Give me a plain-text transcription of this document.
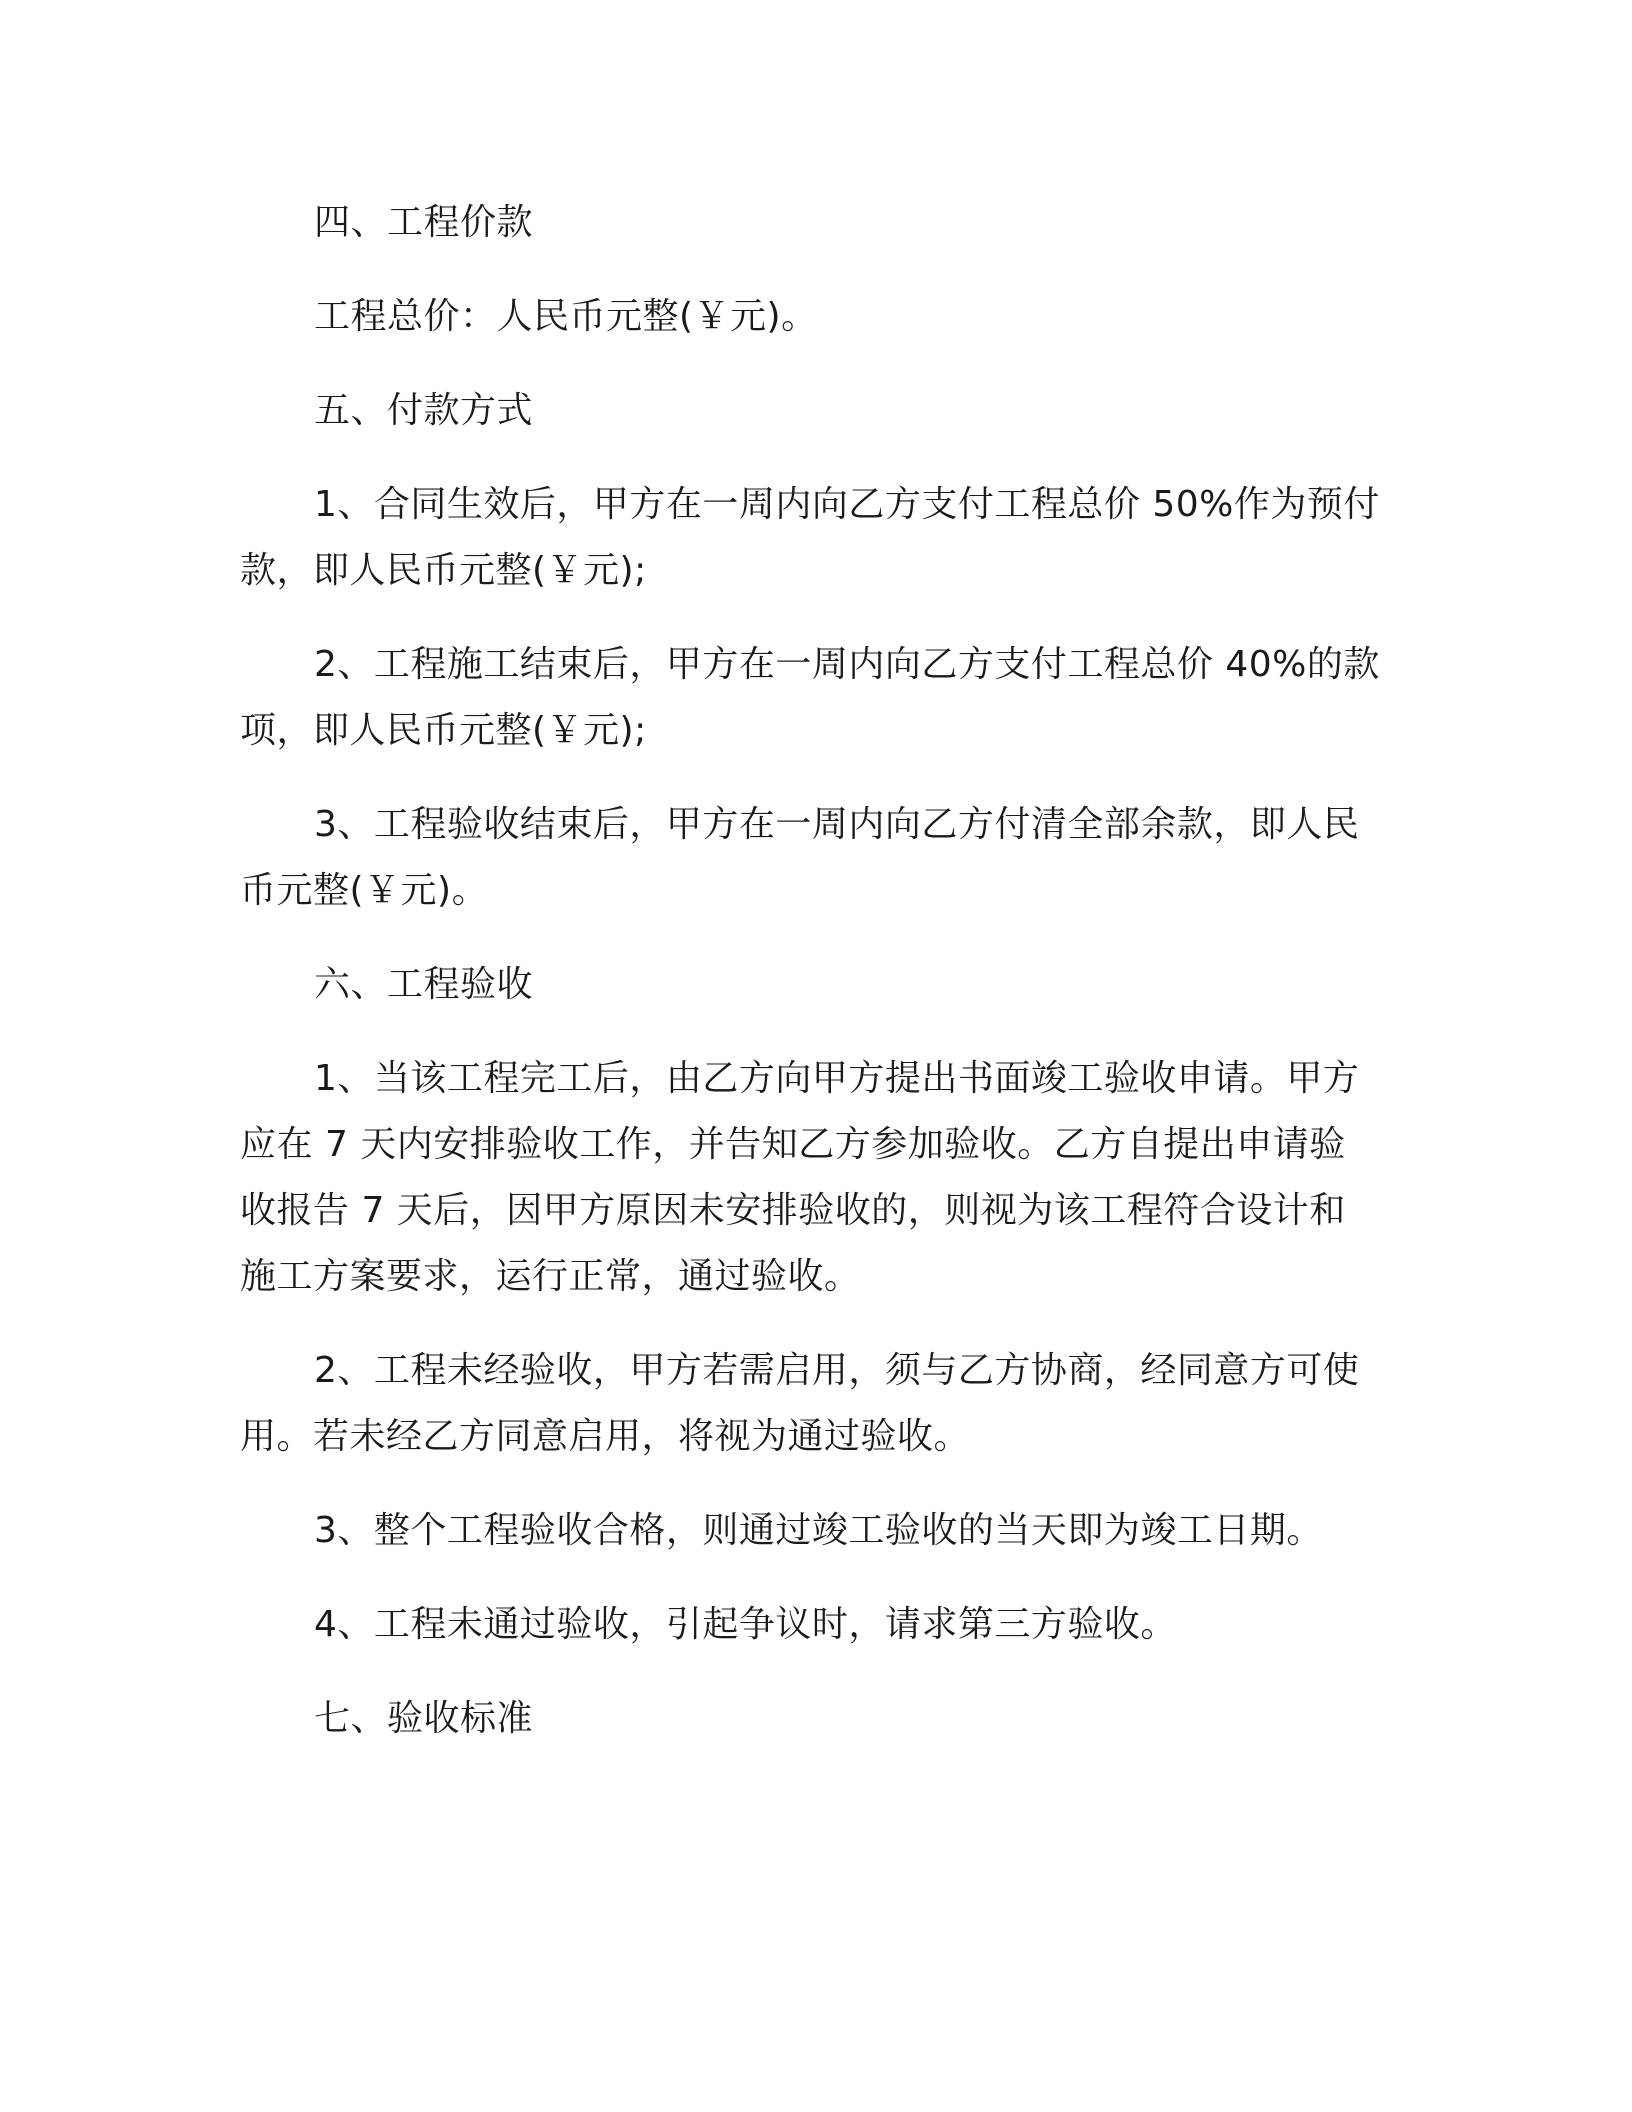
四、工程价款

工程总价：人民币元整(￥元)。

五、付款方式

1、合同生效后，甲方在一周内向乙方支付工程总价 50%作为预付款，即人民币元整(￥元);

2、工程施工结束后，甲方在一周内向乙方支付工程总价 40%的款项，即人民币元整(￥元);

3、工程验收结束后，甲方在一周内向乙方付清全部余款，即人民币元整(￥元)。

六、工程验收

1、当该工程完工后，由乙方向甲方提出书面竣工验收申请。甲方应在 7 天内安排验收工作，并告知乙方参加验收。乙方自提出申请验收报告 7 天后，因甲方原因未安排验收的，则视为该工程符合设计和施工方案要求，运行正常，通过验收。

2、工程未经验收，甲方若需启用，须与乙方协商，经同意方可使用。若未经乙方同意启用，将视为通过验收。

3、整个工程验收合格，则通过竣工验收的当天即为竣工日期。

4、工程未通过验收，引起争议时，请求第三方验收。

七、验收标准
